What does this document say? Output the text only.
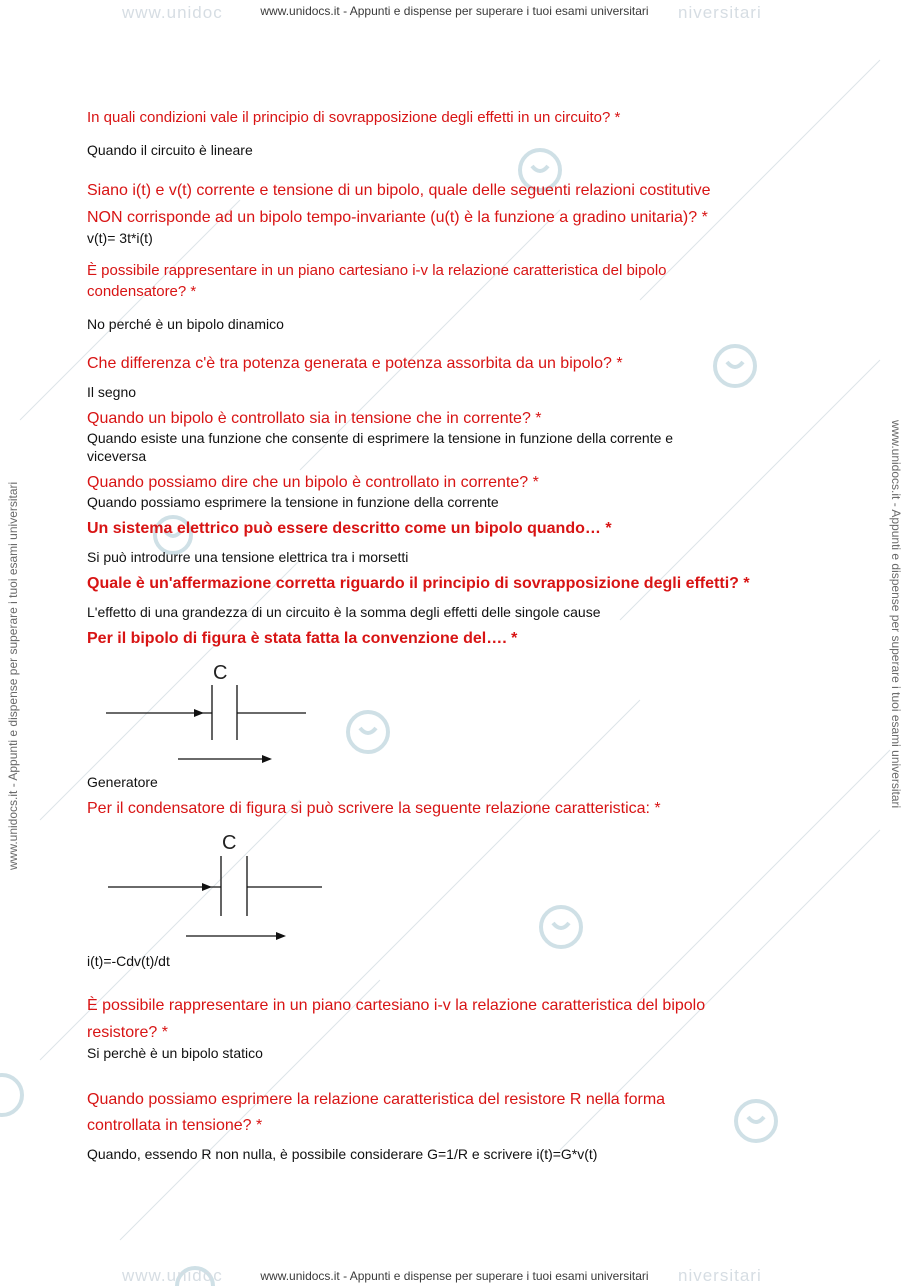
www.unidoc	niversitari
www.unidoc	niversitari
www.unidocs.it - Appunti e dispense per superare i tuoi esami universitari
www.unidocs.it - Appunti e dispense per superare i tuoi esami universitari
www.unidocs.it - Appunti e dispense per superare i tuoi esami universitari	www.unidocs.it - Appunti e dispense per superare i tuoi esami universitari
In quali condizioni vale il principio di sovrapposizione degli effetti in un circuito? *
Quando il circuito è lineare
Siano i(t) e v(t) corrente e tensione di un bipolo, quale delle seguenti relazioni costitutive
NON corrisponde ad un bipolo tempo-invariante (u(t) è la funzione a gradino unitaria)? *
v(t)= 3t*i(t)
È possibile rappresentare in un piano cartesiano i-v la relazione caratteristica del bipolo
condensatore? *
No perché è un bipolo dinamico
Che differenza c'è tra potenza generata e potenza assorbita da un bipolo? *
Il segno
Quando un bipolo è controllato sia in tensione che in corrente? *
Quando esiste una funzione che consente di esprimere la tensione in funzione della corrente e
viceversa
Quando possiamo dire che un bipolo è controllato in corrente? *
Quando possiamo esprimere la tensione in funzione della corrente
Un sistema elettrico può essere descritto come un bipolo quando… *
Si può introdurre una tensione elettrica tra i morsetti
Quale è un'affermazione corretta riguardo il principio di sovrapposizione degli effetti? *
L'effetto di una grandezza di un circuito è la somma degli effetti delle singole cause
Per il bipolo di figura è stata fatta la convenzione del…. *
C
Generatore
Per il condensatore di figura si può scrivere la seguente relazione caratteristica: *
C
i(t)=-Cdv(t)/dt
È possibile rappresentare in un piano cartesiano i-v la relazione caratteristica del bipolo
resistore? *
Si perchè è un bipolo statico
Quando possiamo esprimere la relazione caratteristica del resistore R nella forma
controllata in tensione? *
Quando, essendo R non nulla, è possibile considerare G=1/R e scrivere i(t)=G*v(t)
